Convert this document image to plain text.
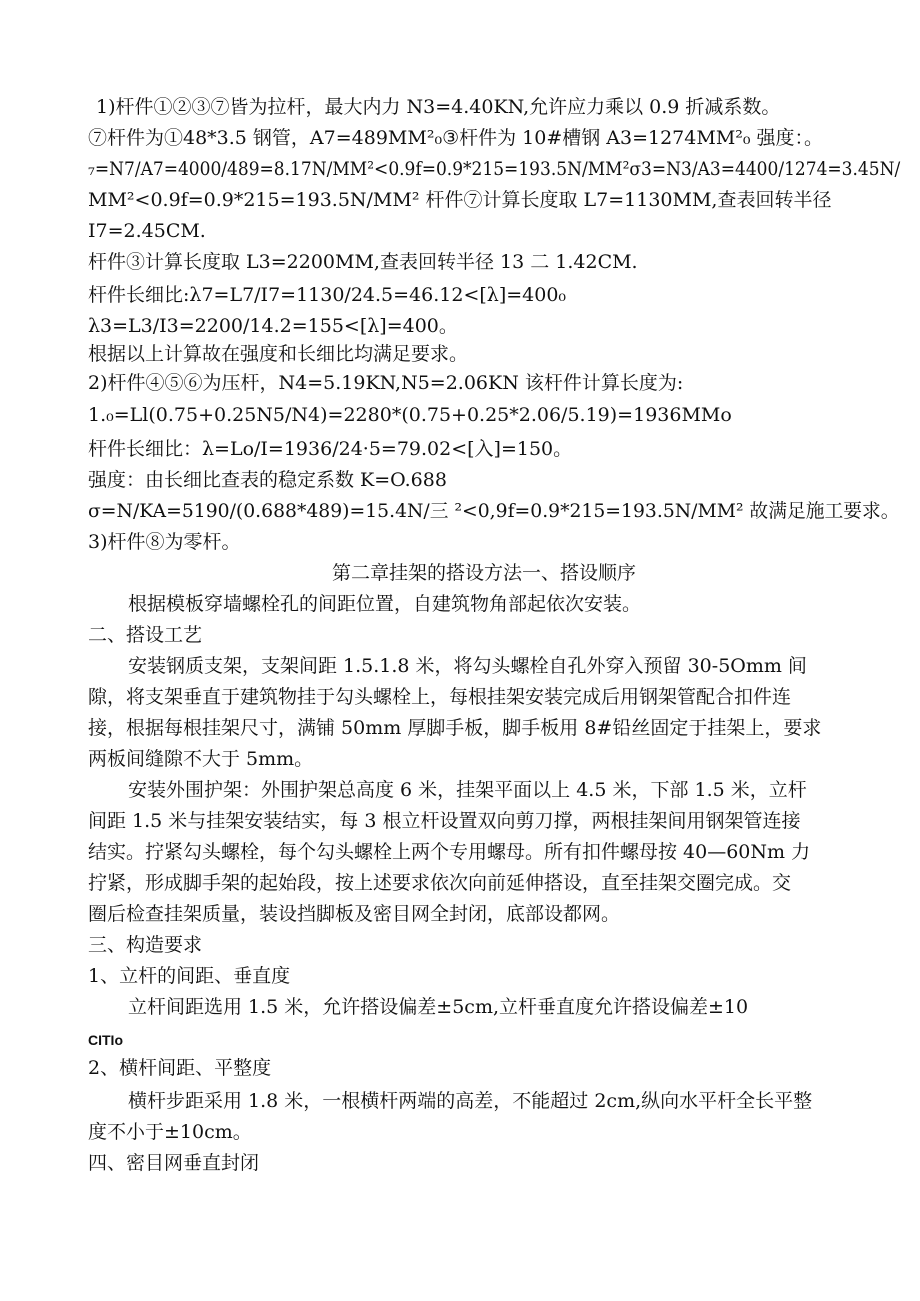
1)杆件①②③⑦皆为拉杆，最大内力 N3=4.40KN,允许应力乘以 0.9 折减系数。

⑦杆件为①48*3.5 钢管，A7=489MM²₀③杆件为 10#槽钢 A3=1274MM²₀ 强度：。

₇=N7/A7=4000/489=8.17N/MM²<0.9f=0.9*215=193.5N/MM²σ3=N3/A3=4400/1274=3.45N/

MM²<0.9f=0.9*215=193.5N/MM² 杆件⑦计算长度取 L7=1130MM,查表回转半径

I7=2.45CM.

杆件③计算长度取 L3=2200MM,查表回转半径 13 二 1.42CM.

杆件长细比:λ7=L7/I7=1130/24.5=46.12<[λ]=400₀

λ3=L3/I3=2200/14.2=155<[λ]=400。

根据以上计算故在强度和长细比均满足要求。

2)杆件④⑤⑥为压杆，N4=5.19KN,N5=2.06KN 该杆件计算长度为:

1.₀=Ll(0.75+0.25N5/N4)=2280*(0.75+0.25*2.06/5.19)=1936MMo

杆件长细比：λ=Lo/I=1936/24·5=79.02<[入]=150。

强度：由长细比查表的稳定系数 K=O.688

σ=N/KA=5190/(0.688*489)=15.4N/三 ²<0,9f=0.9*215=193.5N/MM² 故满足施工要求。

3)杆件⑧为零杆。

第二章挂架的搭设方法一、搭设顺序

根据模板穿墙螺栓孔的间距位置，自建筑物角部起依次安装。

二、搭设工艺

安装钢质支架，支架间距 1.5.1.8 米，将勾头螺栓自孔外穿入预留 30-5Omm 间

隙，将支架垂直于建筑物挂于勾头螺栓上，每根挂架安装完成后用钢架管配合扣件连

接，根据每根挂架尺寸，满铺 50mm 厚脚手板，脚手板用 8#铅丝固定于挂架上，要求

两板间缝隙不大于 5mm。

安装外围护架：外围护架总高度 6 米，挂架平面以上 4.5 米，下部 1.5 米，立杆

间距 1.5 米与挂架安装结实，每 3 根立杆设置双向剪刀撑，两根挂架间用钢架管连接

结实。拧紧勾头螺栓，每个勾头螺栓上两个专用螺母。所有扣件螺母按 40—60Nm 力

拧紧，形成脚手架的起始段，按上述要求依次向前延伸搭设，直至挂架交圈完成。交

圈后检查挂架质量，装设挡脚板及密目网全封闭，底部设都网。

三、构造要求

1、立杆的间距、垂直度

立杆间距选用 1.5 米，允许搭设偏差±5cm,立杆垂直度允许搭设偏差±10

CITIo

2、横杆间距、平整度

横杆步距采用 1.8 米，一根横杆两端的高差，不能超过 2cm,纵向水平杆全长平整

度不小于±10cm。

四、密目网垂直封闭
